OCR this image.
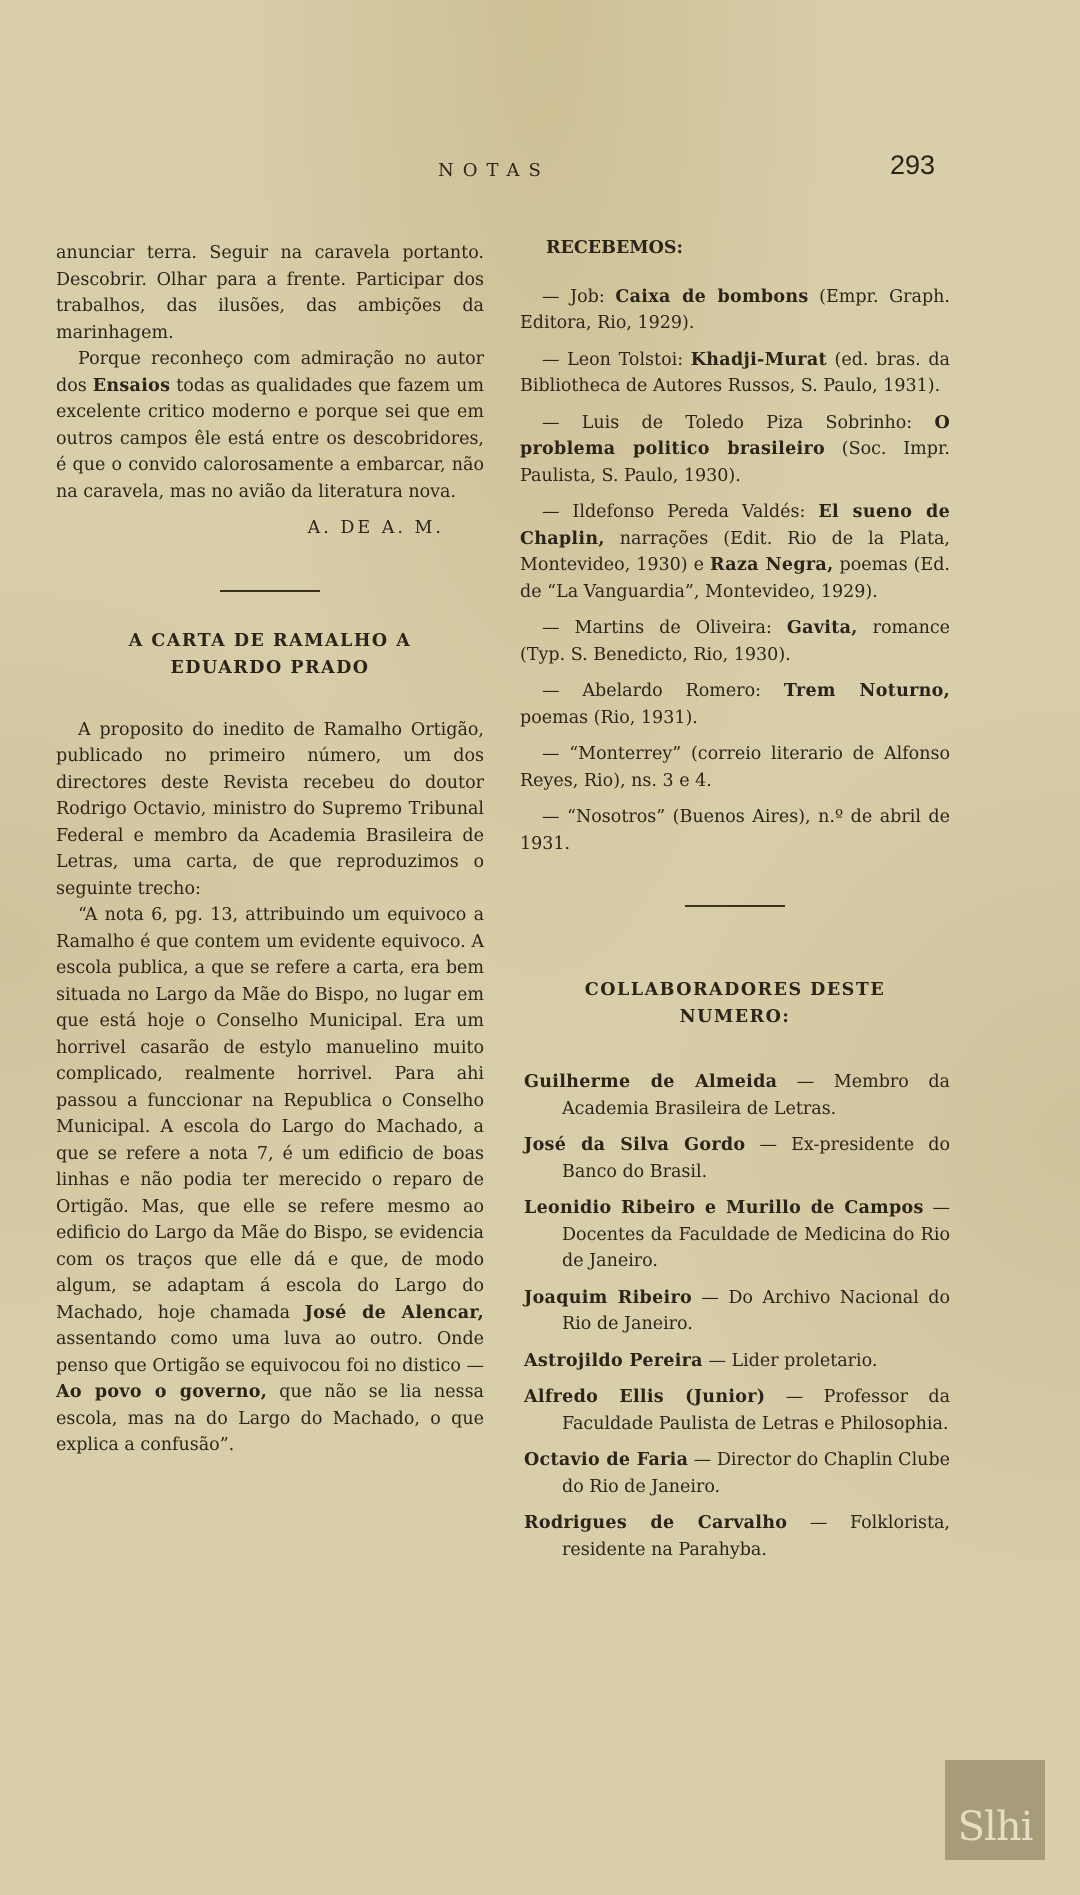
NOTAS	293

anunciar terra. Seguir na caravela portanto. Descobrir. Olhar para a frente. Participar dos trabalhos, das ilusões, das ambições da marinhagem.

Porque reconheço com admiração no autor dos Ensaios todas as qualidades que fazem um excelente critico moderno e porque sei que em outros campos êle está entre os descobridores, é que o convido calorosamente a embarcar, não na caravela, mas no avião da literatura nova.

A. DE A. M.

A CARTA DE RAMALHO A
EDUARDO PRADO

A proposito do inedito de Ramalho Ortigão, publicado no primeiro número, um dos directores deste Revista recebeu do doutor Rodrigo Octavio, ministro do Supremo Tribunal Federal e membro da Academia Brasileira de Letras, uma carta, de que reproduzimos o seguinte trecho:

“A nota 6, pg. 13, attribuindo um equivoco a Ramalho é que contem um evidente equivoco. A escola publica, a que se refere a carta, era bem situada no Largo da Mãe do Bispo, no lugar em que está hoje o Conselho Municipal. Era um horrivel casarão de estylo manuelino muito complicado, realmente horrivel. Para ahi passou a funccionar na Republica o Conselho Municipal. A escola do Largo do Machado, a que se refere a nota 7, é um edificio de boas linhas e não podia ter merecido o reparo de Ortigão. Mas, que elle se refere mesmo ao edificio do Largo da Mãe do Bispo, se evidencia com os traços que elle dá e que, de modo algum, se adaptam á escola do Largo do Machado, hoje chamada José de Alencar, assentando como uma luva ao outro. Onde penso que Ortigão se equivocou foi no distico — Ao povo o governo, que não se lia nessa escola, mas na do Largo do Machado, o que explica a confusão”.

RECEBEMOS:

— Job: Caixa de bombons (Empr. Graph. Editora, Rio, 1929).

— Leon Tolstoi: Khadji-Murat (ed. bras. da Bibliotheca de Autores Russos, S. Paulo, 1931).

— Luis de Toledo Piza Sobrinho: O problema politico brasileiro (Soc. Impr. Paulista, S. Paulo, 1930).

— Ildefonso Pereda Valdés: El sueno de Chaplin, narrações (Edit. Rio de la Plata, Montevideo, 1930) e Raza Negra, poemas (Ed. de “La Vanguardia”, Montevideo, 1929).

— Martins de Oliveira: Gavita, romance (Typ. S. Benedicto, Rio, 1930).

— Abelardo Romero: Trem Noturno, poemas (Rio, 1931).

— “Monterrey” (correio literario de Alfonso Reyes, Rio), ns. 3 e 4.

— “Nosotros” (Buenos Aires), n.º de abril de 1931.

COLLABORADORES DESTE
NUMERO:

Guilherme de Almeida — Membro da Academia Brasileira de Letras.

José da Silva Gordo — Ex-presidente do Banco do Brasil.

Leonidio Ribeiro e Murillo de Campos — Docentes da Faculdade de Medicina do Rio de Janeiro.

Joaquim Ribeiro — Do Archivo Nacional do Rio de Janeiro.

Astrojildo Pereira — Lider proletario.

Alfredo Ellis (Junior) — Professor da Faculdade Paulista de Letras e Philosophia.

Octavio de Faria — Director do Chaplin Clube do Rio de Janeiro.

Rodrigues de Carvalho — Folklorista, residente na Parahyba.

Slhi
